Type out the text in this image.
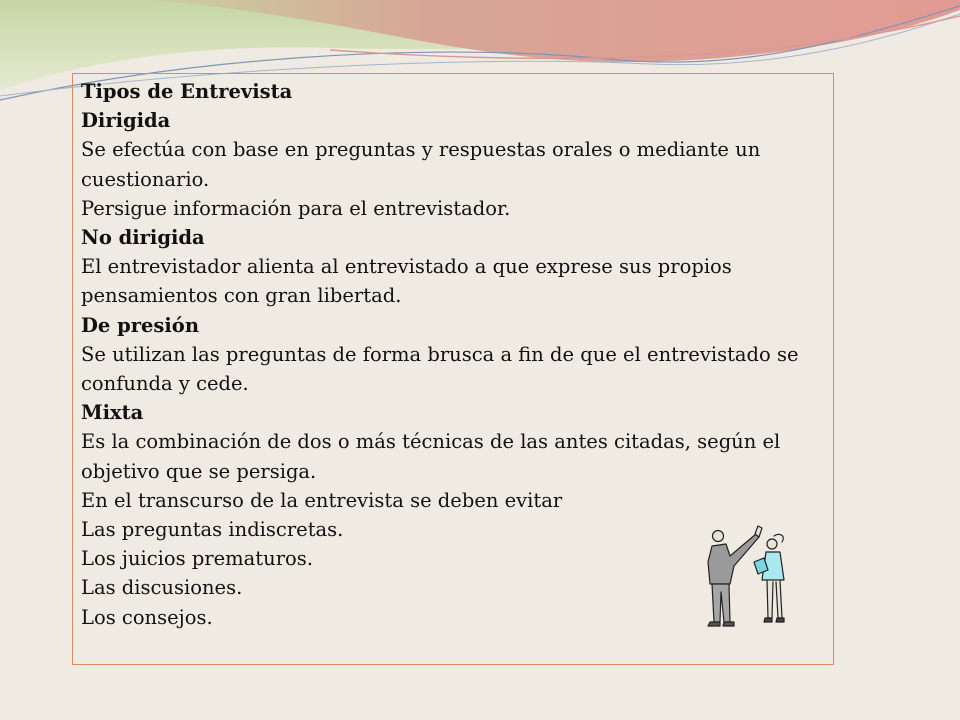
Tipos de Entrevista

Dirigida

Se efectúa con base en preguntas y respuestas orales o mediante un cuestionario.

Persigue información para el entrevistador.

No dirigida

El entrevistador alienta al entrevistado a que exprese sus propios pensamientos con gran libertad.

De presión

Se utilizan las preguntas de forma brusca a fin de que el entrevistado se confunda y cede.

Mixta

Es la combinación de dos o más técnicas de las antes citadas, según el objetivo que se persiga.

En el transcurso de la entrevista se deben evitar

Las preguntas indiscretas.

Los juicios prematuros.

Las discusiones.

Los consejos.
